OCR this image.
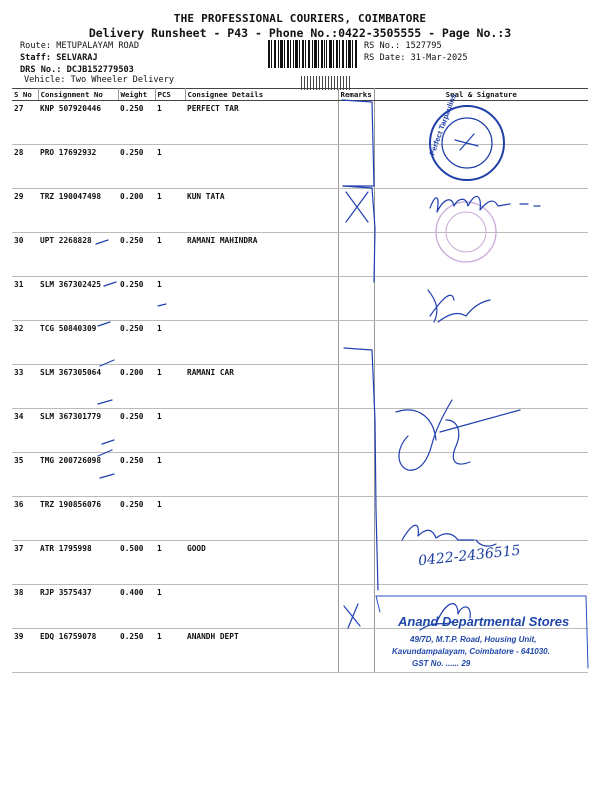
THE PROFESSIONAL COURIERS, COIMBATORE
Delivery Runsheet - P43 - Phone No.:0422-3505555 - Page No.:3
Route: METUPALAYAM ROAD
Staff: SELVARAJ
DRS No.: DCJB152779503
Vehicle: Two Wheeler Delivery
RS No.: 1527795
RS Date: 31-Mar-2025
S No	Consignment No	Weight	PCS	Consignee Details	Remarks	Seal & Signature
27	KNP 507920446	0.250	1	PERFECT TAR		
28	PRO 17692932	0.250	1			
29	TRZ 190047498	0.200	1	KUN TATA		
30	UPT 2268828	0.250	1	RAMANI MAHINDRA		
31	SLM 367302425	0.250	1			
32	TCG 50840309	0.250	1			
33	SLM 367305064	0.200	1	RAMANI CAR		
34	SLM 367301779	0.250	1			
35	TMG 200726098	0.250	1			
36	TRZ 190856076	0.250	1			
37	ATR 1795998	0.500	1	GOOD		
38	RJP 3575437	0.400	1			
39	EDQ 16759078	0.250	1	ANANDH DEPT		
Perfect Tarpaulins
Anand Departmental Stores
49/7D, M.T.P. Road, Housing Unit,
Kavundampalayam, Coimbatore - 641030.
GST No. ...... 29
0422-2436515
